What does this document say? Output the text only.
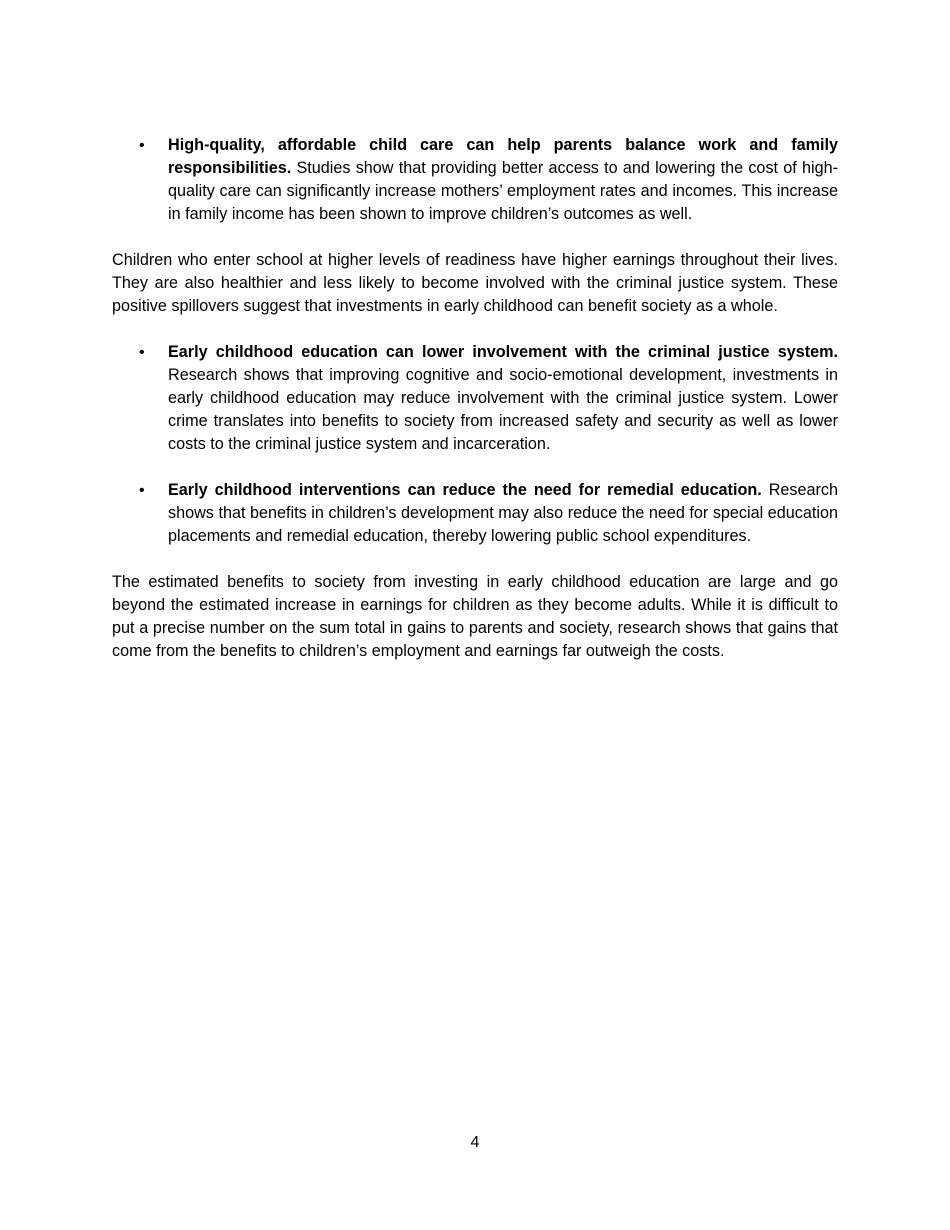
• High-quality, affordable child care can help parents balance work and family responsibilities. Studies show that providing better access to and lowering the cost of high-quality care can significantly increase mothers’ employment rates and incomes. This increase in family income has been shown to improve children’s outcomes as well.

Children who enter school at higher levels of readiness have higher earnings throughout their lives. They are also healthier and less likely to become involved with the criminal justice system. These positive spillovers suggest that investments in early childhood can benefit society as a whole.

• Early childhood education can lower involvement with the criminal justice system. Research shows that improving cognitive and socio-emotional development, investments in early childhood education may reduce involvement with the criminal justice system. Lower crime translates into benefits to society from increased safety and security as well as lower costs to the criminal justice system and incarceration.
• Early childhood interventions can reduce the need for remedial education. Research shows that benefits in children’s development may also reduce the need for special education placements and remedial education, thereby lowering public school expenditures.

The estimated benefits to society from investing in early childhood education are large and go beyond the estimated increase in earnings for children as they become adults. While it is difficult to put a precise number on the sum total in gains to parents and society, research shows that gains that come from the benefits to children’s employment and earnings far outweigh the costs.

4
